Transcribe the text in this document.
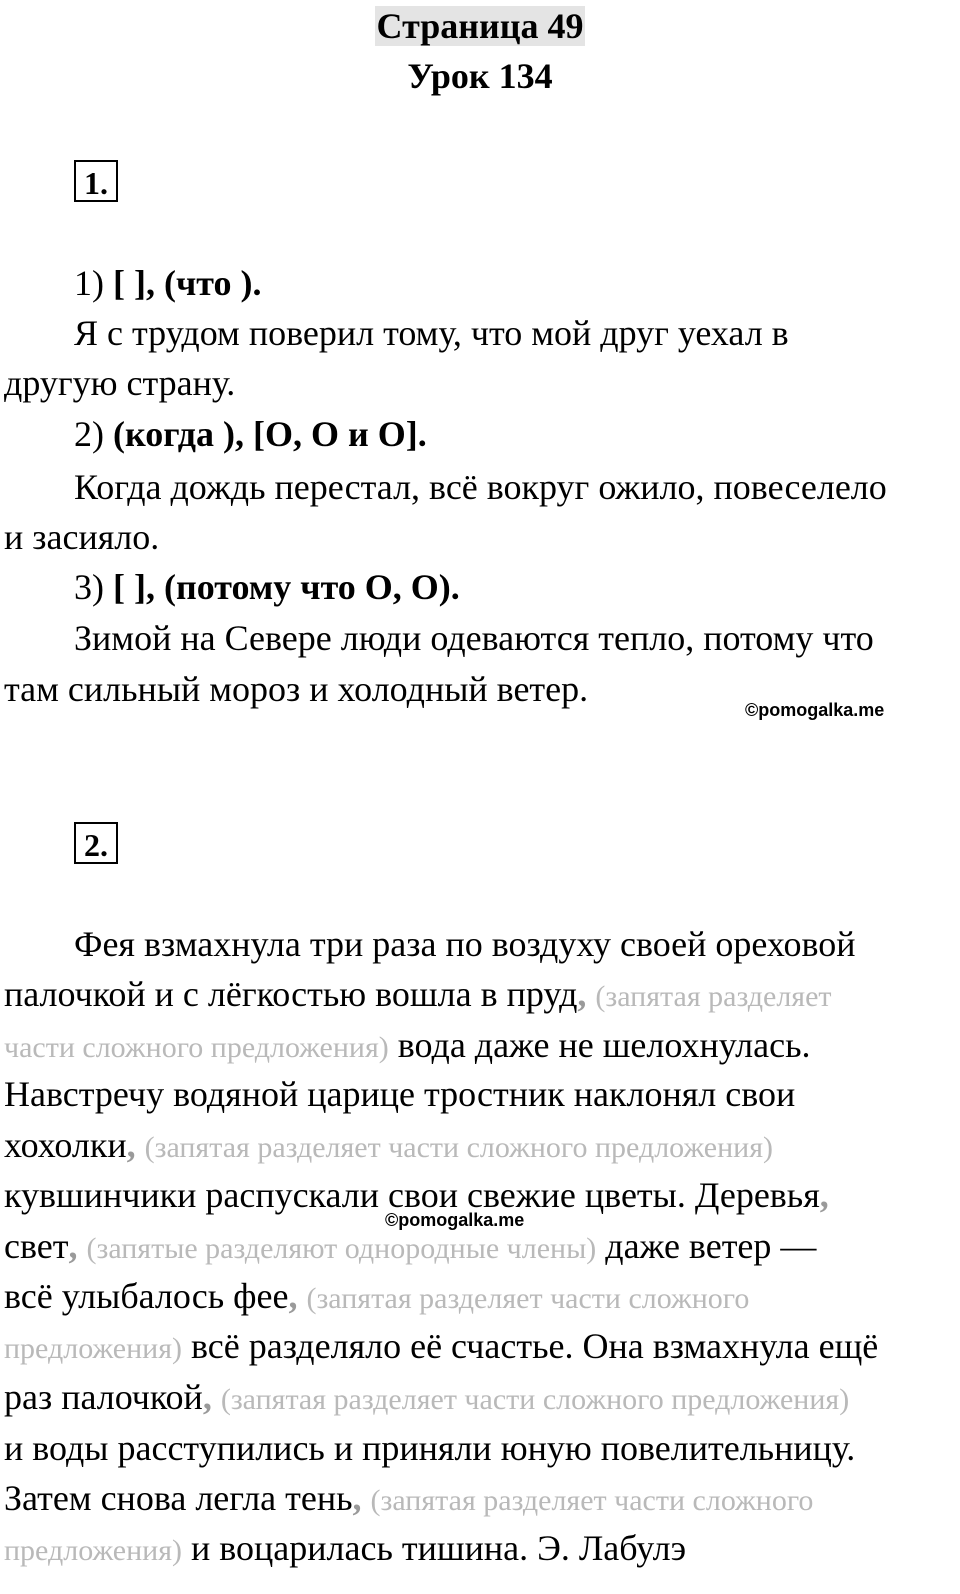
Страница 49
Урок 134
1.
1) [ ], (что ).
Я с трудом поверил тому, что мой друг уехал в
другую страну.
2) (когда ), [О, О и О].
Когда дождь перестал, всё вокруг ожило, повеселело
и засияло.
3) [ ], (потому что О, О).
Зимой на Севере люди одеваются тепло, потому что
там сильный мороз и холодный ветер.
©pomogalka.me
2.
Фея взмахнула три раза по воздуху своей ореховой
палочкой и с лёгкостью вошла в пруд, (запятая разделяет
части сложного предложения) вода даже не шелохнулась.
Навстречу водяной царице тростник наклонял свои
хохолки, (запятая разделяет части сложного предложения)
кувшинчики распускали свои свежие цветы. Деревья,
©pomogalka.me
свет, (запятые разделяют однородные члены) даже ветер —
всё улыбалось фее, (запятая разделяет части сложного
предложения) всё разделяло её счастье. Она взмахнула ещё
раз палочкой, (запятая разделяет части сложного предложения)
и воды расступились и приняли юную повелительницу.
Затем снова легла тень, (запятая разделяет части сложного
предложения) и воцарилась тишина. Э. Лабулэ
